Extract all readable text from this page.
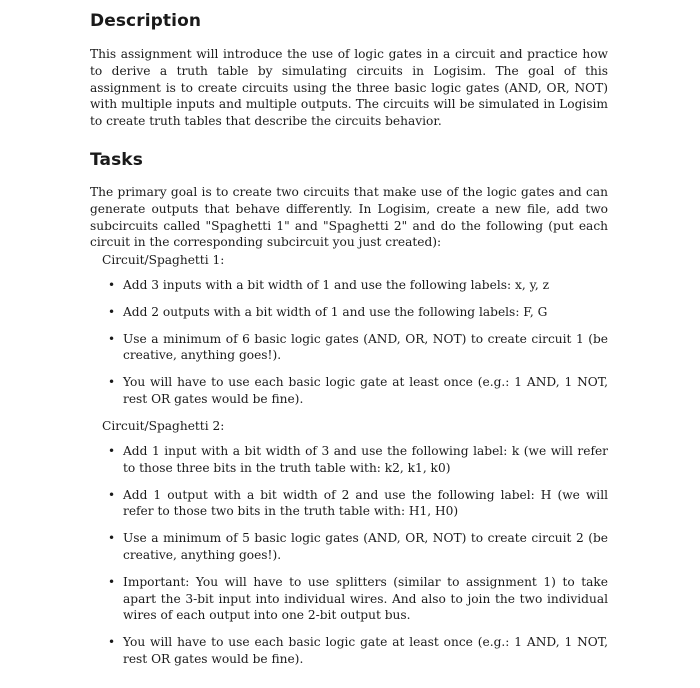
Description

This assignment will introduce the use of logic gates in a circuit and practice how to derive a truth table by simulating circuits in Logisim. The goal of this assignment is to create circuits using the three basic logic gates (AND, OR, NOT) with multiple inputs and multiple outputs. The circuits will be simulated in Logisim to create truth tables that describe the circuits behavior.

Tasks

The primary goal is to create two circuits that make use of the logic gates and can generate outputs that behave differently. In Logisim, create a new file, add two subcircuits called "Spaghetti 1" and "Spaghetti 2" and do the following (put each circuit in the corresponding subcircuit you just created):

Circuit/Spaghetti 1:

• Add 3 inputs with a bit width of 1 and use the following labels: x, y, z
• Add 2 outputs with a bit width of 1 and use the following labels: F, G
• Use a minimum of 6 basic logic gates (AND, OR, NOT) to create circuit 1 (be creative, anything goes!).
• You will have to use each basic logic gate at least once (e.g.: 1 AND, 1 NOT, rest OR gates would be fine).

Circuit/Spaghetti 2:

• Add 1 input with a bit width of 3 and use the following label: k (we will refer to those three bits in the truth table with: k2, k1, k0)
• Add 1 output with a bit width of 2 and use the following label: H (we will refer to those two bits in the truth table with: H1, H0)
• Use a minimum of 5 basic logic gates (AND, OR, NOT) to create circuit 2 (be creative, anything goes!).
• Important: You will have to use splitters (similar to assignment 1) to take apart the 3-bit input into individual wires. And also to join the two individual wires of each output into one 2-bit output bus.
• You will have to use each basic logic gate at least once (e.g.: 1 AND, 1 NOT, rest OR gates would be fine).
